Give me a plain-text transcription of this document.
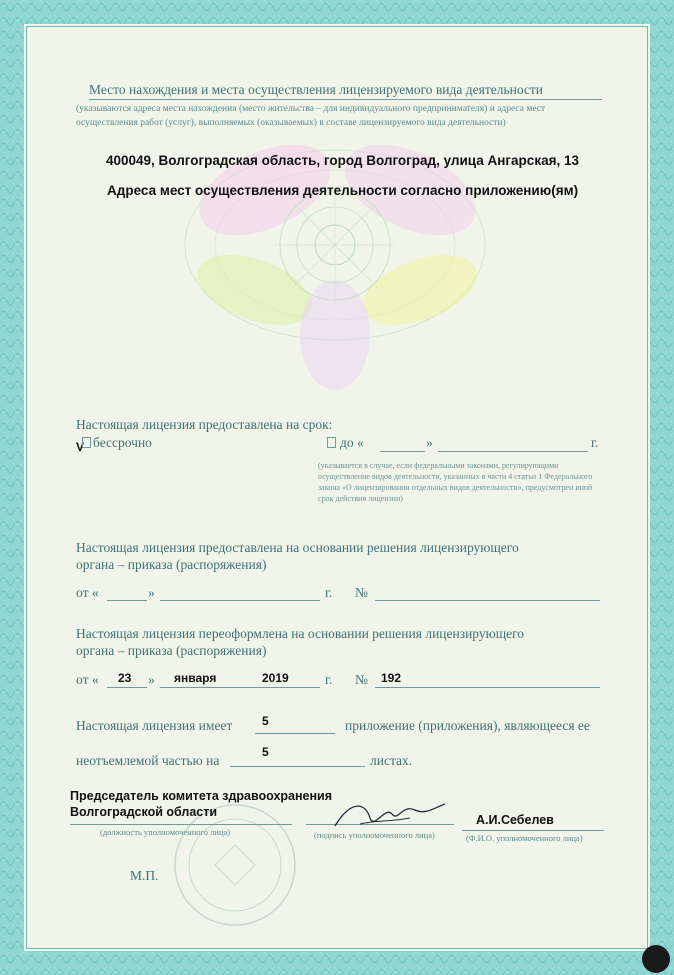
Место нахождения и места осуществления лицензируемого вида деятельности
(указываются адреса места нахождения (место жительства – для индивидуального предпринимателя) и адреса мест
осуществления работ (услуг), выполняемых (оказываемых) в составе лицензируемого вида деятельности)
400049, Волгоградская область, город Волгоград, улица Ангарская, 13
Адреса мест осуществления деятельности согласно приложению(ям)
Настоящая лицензия предоставлена на срок:
V бессрочно	до «	»	г.
(указывается в случае, если федеральными законами, регулирующими осуществление видов деятельности, указанных в части 4 статьи 1 Федерального закона «О лицензировании отдельных видов деятельности», предусмотрен иной срок действия лицензии)
Настоящая лицензия предоставлена на основании решения лицензирующего
органа – приказа (распоряжения)
от «	»	г. №
Настоящая лицензия переоформлена на основании решения лицензирующего
органа – приказа (распоряжения)
от « 23 » января	2019	г. № 192
Настоящая лицензия имеет 5	приложение (приложения), являющееся ее
неотъемлемой частью на
5
листах.
Председатель комитета здравоохранения
Волгоградской области
А.И.Себелев
(должность уполномоченного лица)	(подпись уполномоченного лица)	(Ф.И.О. уполномоченного лица)
М.П.
